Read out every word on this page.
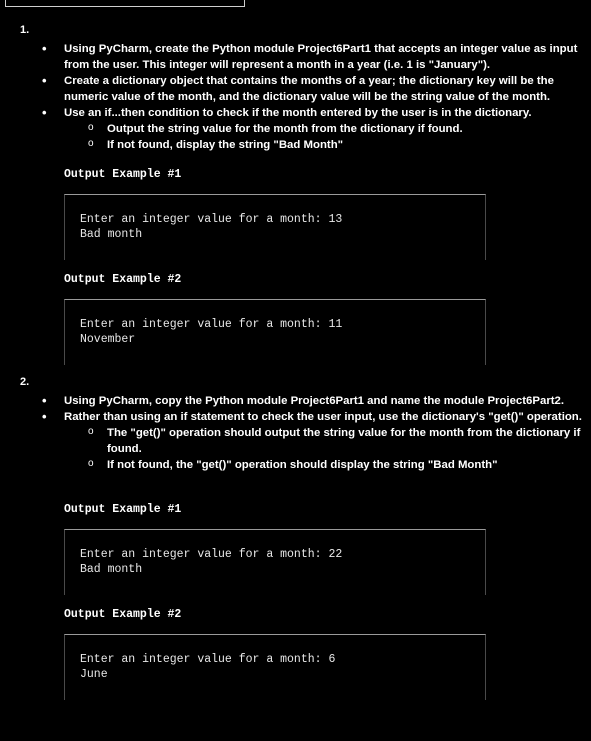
1.
• Using PyCharm, create the Python module Project6Part1 that accepts an integer value as input from the user. This integer will represent a month in a year (i.e. 1 is "January").
• Create a dictionary object that contains the months of a year; the dictionary key will be the numeric value of the month, and the dictionary value will be the string value of the month.
• Use an if...then condition to check if the month entered by the user is in the dictionary.
o Output the string value for the month from the dictionary if found.
o If not found, display the string "Bad Month"
Output Example #1
Enter an integer value for a month: 13
Bad month
Output Example #2
Enter an integer value for a month: 11
November
2.
• Using PyCharm, copy the Python module Project6Part1 and name the module Project6Part2.
• Rather than using an if statement to check the user input, use the dictionary's "get()" operation.
o The "get()" operation should output the string value for the month from the dictionary if found.
o If not found, the "get()" operation should display the string "Bad Month"
Output Example #1
Enter an integer value for a month: 22
Bad month
Output Example #2
Enter an integer value for a month: 6
June
